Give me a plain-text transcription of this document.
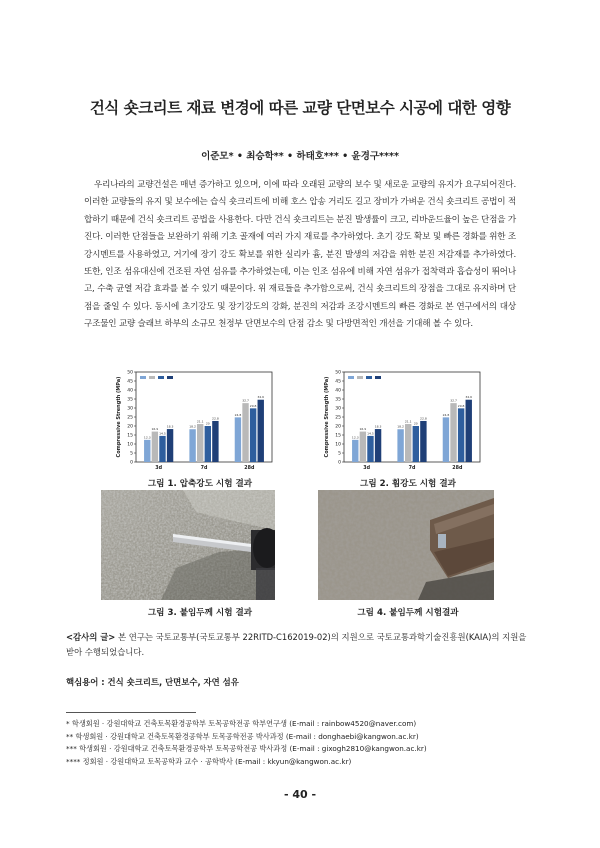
건식 숏크리트 재료 변경에 따른 교량 단면보수 시공에 대한 영향
이준모* • 최승학** • 하태호*** • 윤경구****
우리나라의 교량건설은 매년 증가하고 있으며, 이에 따라 오래된 교량의 보수 및 새로운 교량의 유지가 요구되어진다. 이러한 교량들의 유지 및 보수에는 습식 숏크리트에 비해 호스 압송 거리도 길고 장비가 가벼운 건식 숏크리트 공법이 적합하기 때문에 건식 숏크리트 공법을 사용한다. 다만 건식 숏크리트는 분진 발생률이 크고, 리바운드율이 높은 단점을 가진다. 이러한 단점들을 보완하기 위해 기초 골재에 여러 가지 재료를 추가하였다. 초기 강도 확보 및 빠른 경화를 위한 조강시멘트를 사용하였고, 거기에 장기 강도 확보를 위한 실리카 흄, 분진 발생의 저감을 위한 분진 저감재를 추가하였다. 또한, 인조 섬유대신에 건조된 자연 섬유를 추가하였는데, 이는 인조 섬유에 비해 자연 섬유가 접착력과 흡습성이 뛰어나고, 수축 균열 저감 효과를 볼 수 있기 때문이다. 위 재료들을 추가함으로써, 건식 숏크리트의 장점을 그대로 유지하며 단점을 줄일 수 있다. 동시에 초기강도 및 장기강도의 강화, 분진의 저감과 조강시멘트의 빠른 경화로 본 연구에서의 대상 구조물인 교량 슬래브 하부의 소규모 천정부 단면보수의 단점 감소 및 다방면적인 개선을 기대해 볼 수 있다.
0
5
10
15
20
25
30
35
40
45
50
Compressive Strength (MPa)	12.3
16.9
14.5
18.3
3d
18.2
21.1 20
22.8
7d
24.8
32.7
29.8
34.6
28d
0
5
10
15
20
25
30
35
40
45
50
Compressive Strength (MPa)	12.3
16.9
14.5
18.3
3d
18.2
21.1 20
22.8
7d
24.8
32.7
29.8
34.6
28d
그림 1. 압축강도 시험 결과	그림 2. 휨강도 시험 결과
그림 3. 붙임두께 시험 결과	그림 4. 붙임두께 시험결과
<감사의 글> 본 연구는 국토교통부(국토교통부 22RITD-C162019-02)의 지원으로 국토교통과학기술진흥원(KAIA)의 지원을 받아 수행되었습니다.
핵심용어 : 건식 숏크리트, 단면보수, 자연 섬유
* 학생회원 · 강원대학교 건축토목환경공학부 토목공학전공 학부연구생 (E-mail : rainbow4520@naver.com)
** 학생회원 · 강원대학교 건축토목환경공학부 토목공학전공 박사과정 (E-mail : donghaebi@kangwon.ac.kr)
*** 학생회원 · 강원대학교 건축토목환경공학부 토목공학전공 박사과정 (E-mail : gixogh2810@kangwon.ac.kr)
**** 정회원 · 강원대학교 토목공학과 교수 · 공학박사 (E-mail : kkyun@kangwon.ac.kr)
- 40 -
